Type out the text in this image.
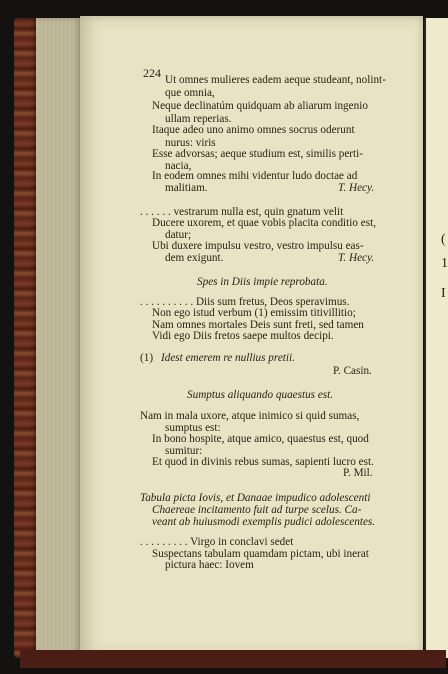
(
1
I
224 Ut omnes mulieres eadem aeque studeant, nolint-
que omnia,
Neque declinatúm quidquam ab aliarum ingenio
ullam reperias.
Itaque adeo uno animo omnes socrus oderunt
nurus: viris
Esse advorsas; aeque studium est, similis perti-
nacia,
In eodem omnes mihi videntur ludo doctae ad
malitiam.	T. Hecy.
. . . . . . vestrarum nulla est, quin gnatum velit
Ducere uxorem, et quae vobis placita conditio est,
datur;
Ubi duxere impulsu vestro, vestro impulsu eas-
dem exigunt.	T. Hecy.
Spes in Diis impie reprobata.
. . . . . . . . . . Diis sum fretus, Deos speravimus.
Non ego istud verbum (1) emissim titivillitio;
Nam omnes mortales Deis sunt freti, sed tamen
Vidi ego Diis fretos saepe multos decipi.
(1) Idest emerem re nullius pretii.
P. Casin.
Sumptus aliquando quaestus est.
Nam in mala uxore, atque inimico si quid sumas,
sumptus est:
In bono hospite, atque amico, quaestus est, quod
sumitur:
Et quod in divinis rebus sumas, sapienti lucro est.
P. Mil.
Tabula picta Iovis, et Danaae impudico adolescenti
Chaereae incitamento fuit ad turpe scelus. Ca-
veant ab huiusmodi exemplis pudici adolescentes.
. . . . . . . . . Virgo in conclavi sedet
Suspectans tabulam quamdam pictam, ubi inerat
pictura haec: Iovem
